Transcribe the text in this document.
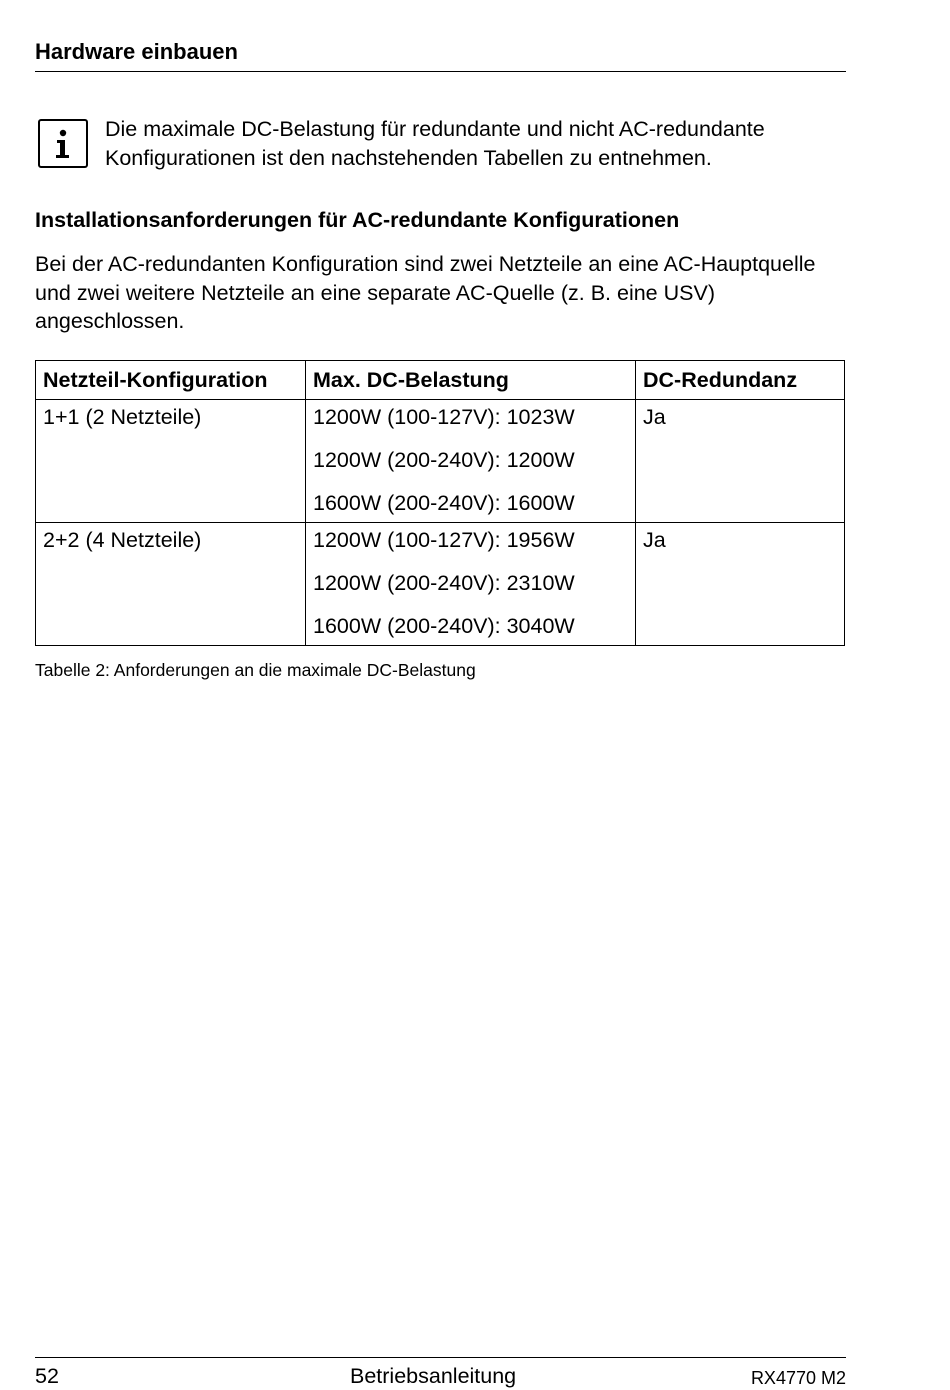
Hardware einbauen
Die maximale DC-Belastung für redundante und nicht AC-redundante Konfigurationen ist den nachstehenden Tabellen zu entnehmen.
Installationsanforderungen für AC-redundante Konfigurationen
Bei der AC-redundanten Konfiguration sind zwei Netzteile an eine AC-Hauptquelle und zwei weitere Netzteile an eine separate AC-Quelle (z. B. eine USV) angeschlossen.
Netzteil-Konfiguration	Max. DC-Belastung	DC-Redundanz

1+1 (2 Netzteile)	1200W (100-127V): 1023W
1200W (200-240V): 1200W
1600W (200-240V): 1600W	Ja

2+2 (4 Netzteile)	1200W (100-127V): 1956W
1200W (200-240V): 2310W
1600W (200-240V): 3040W	Ja
Tabelle 2: Anforderungen an die maximale DC-Belastung
52	Betriebsanleitung	RX4770 M2
